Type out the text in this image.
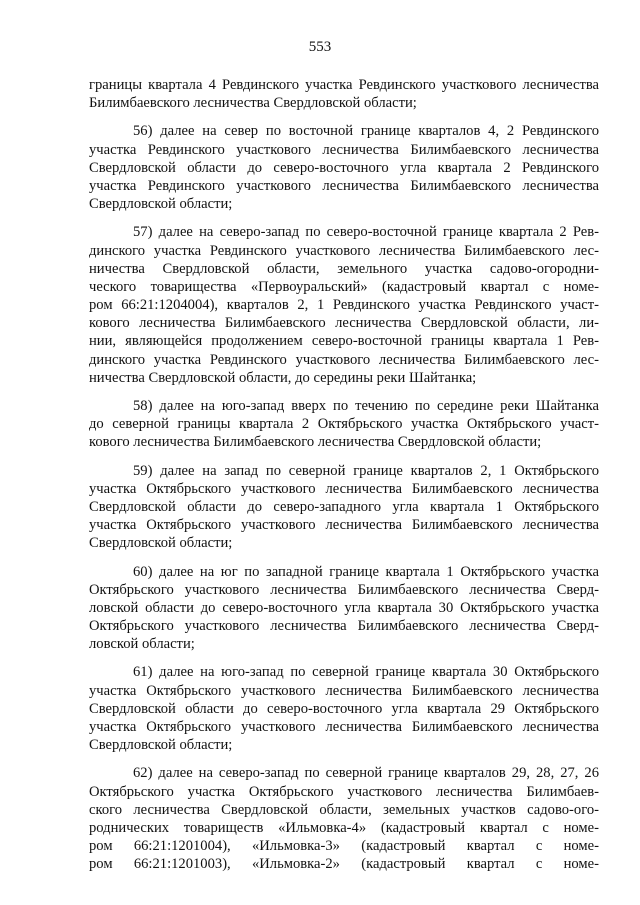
553
границы квартала 4 Ревдинского участка Ревдинского участкового лесничества
Билимбаевского лесничества Свердловской области;
56) далее на север по восточной границе кварталов 4, 2 Ревдинского
участка Ревдинского участкового лесничества Билимбаевского лесничества
Свердловской области до северо-восточного угла квартала 2 Ревдинского
участка Ревдинского участкового лесничества Билимбаевского лесничества
Свердловской области;
57) далее на северо-запад по северо-восточной границе квартала 2 Рев-
динского участка Ревдинского участкового лесничества Билимбаевского лес-
ничества Свердловской области, земельного участка садово-огородни-
ческого товарищества «Первоуральский» (кадастровый квартал с номе-
ром 66:21:1204004), кварталов 2, 1 Ревдинского участка Ревдинского участ-
кового лесничества Билимбаевского лесничества Свердловской области, ли-
нии, являющейся продолжением северо-восточной границы квартала 1 Рев-
динского участка Ревдинского участкового лесничества Билимбаевского лес-
ничества Свердловской области, до середины реки Шайтанка;
58) далее на юго-запад вверх по течению по середине реки Шайтанка
до северной границы квартала 2 Октябрьского участка Октябрьского участ-
кового лесничества Билимбаевского лесничества Свердловской области;
59) далее на запад по северной границе кварталов 2, 1 Октябрьского
участка Октябрьского участкового лесничества Билимбаевского лесничества
Свердловской области до северо-западного угла квартала 1 Октябрьского
участка Октябрьского участкового лесничества Билимбаевского лесничества
Свердловской области;
60) далее на юг по западной границе квартала 1 Октябрьского участка
Октябрьского участкового лесничества Билимбаевского лесничества Сверд-
ловской области до северо-восточного угла квартала 30 Октябрьского участка
Октябрьского участкового лесничества Билимбаевского лесничества Сверд-
ловской области;
61) далее на юго-запад по северной границе квартала 30 Октябрьского
участка Октябрьского участкового лесничества Билимбаевского лесничества
Свердловской области до северо-восточного угла квартала 29 Октябрьского
участка Октябрьского участкового лесничества Билимбаевского лесничества
Свердловской области;
62) далее на северо-запад по северной границе кварталов 29, 28, 27, 26
Октябрьского участка Октябрьского участкового лесничества Билимбаев-
ского лесничества Свердловской области, земельных участков садово-ого-
роднических товариществ «Ильмовка-4» (кадастровый квартал с номе-
ром 66:21:1201004), «Ильмовка-3» (кадастровый квартал с номе-
ром 66:21:1201003), «Ильмовка-2» (кадастровый квартал с номе-
